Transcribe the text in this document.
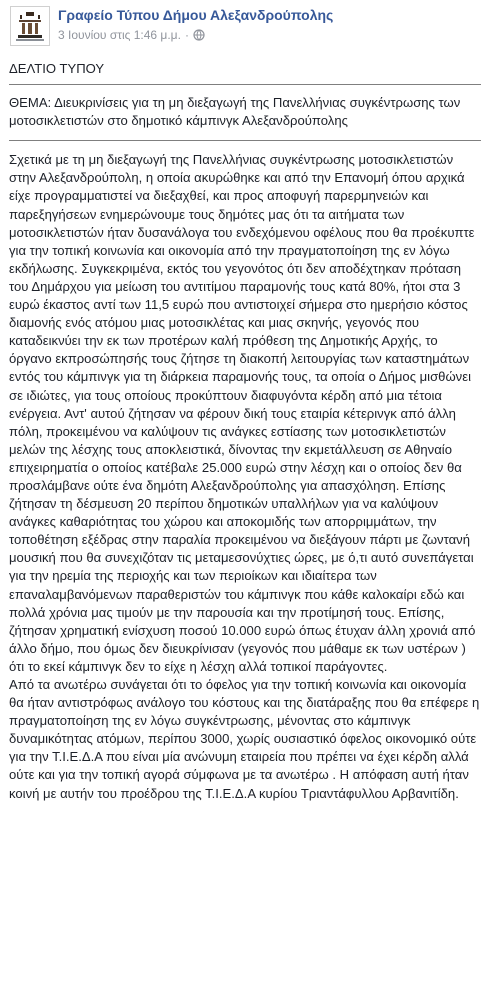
Γραφείο Τύπου Δήμου Αλεξανδρούπολης
3 Ιουνίου στις 1:46 μ.μ. ·

ΔΕΛΤΙΟ ΤΥΠΟΥ

ΘΕΜΑ: Διευκρινίσεις για τη μη διεξαγωγή της Πανελλήνιας συγκέντρωσης των μοτοσικλετιστών στο δημοτικό κάμπινγκ Αλεξανδρούπολης

Σχετικά με τη μη διεξαγωγή της Πανελλήνιας συγκέντρωσης μοτοσικλετιστών στην Αλεξανδρούπολη, η οποία ακυρώθηκε και από την Επανομή όπου αρχικά είχε προγραμματιστεί να διεξαχθεί, και προς αποφυγή παρερμηνειών και παρεξηγήσεων ενημερώνουμε τους δημότες μας ότι τα αιτήματα των μοτοσικλετιστών ήταν δυσανάλογα του ενδεχόμενου οφέλους που θα προέκυπτε για την τοπική κοινωνία και οικονομία από την πραγματοποίηση της εν λόγω εκδήλωσης. Συγκεκριμένα, εκτός του γεγονότος ότι δεν αποδέχτηκαν πρόταση του Δημάρχου για μείωση του αντιτίμου παραμονής τους κατά 80%, ήτοι στα 3 ευρώ έκαστος αντί των 11,5 ευρώ που αντιστοιχεί σήμερα στο ημερήσιο κόστος διαμονής ενός ατόμου μιας μοτοσικλέτας και μιας σκηνής, γεγονός που καταδεικνύει την εκ των προτέρων καλή πρόθεση της Δημοτικής Αρχής, το όργανο εκπροσώπησής τους ζήτησε τη διακοπή λειτουργίας των καταστημάτων εντός του κάμπινγκ για τη διάρκεια παραμονής τους, τα οποία ο Δήμος μισθώνει σε ιδιώτες, για τους οποίους προκύπτουν διαφυγόντα κέρδη από μια τέτοια ενέργεια. Αντ' αυτού ζήτησαν να φέρουν δική τους εταιρία κέτερινγκ από άλλη πόλη, προκειμένου να καλύψουν τις ανάγκες εστίασης των μοτοσικλετιστών μελών της λέσχης τους αποκλειστικά, δίνοντας την εκμετάλλευση σε Αθηναίο επιχειρηματία ο οποίος κατέβαλε 25.000 ευρώ στην λέσχη και ο οποίος δεν θα προσλάμβανε ούτε ένα δημότη Αλεξανδρούπολης για απασχόληση. Επίσης ζήτησαν τη δέσμευση 20 περίπου δημοτικών υπαλλήλων για να καλύψουν ανάγκες καθαριότητας του χώρου και αποκομιδής των απορριμμάτων, την τοποθέτηση εξέδρας στην παραλία προκειμένου να διεξάγουν πάρτι με ζωντανή μουσική που θα συνεχιζόταν τις μεταμεσονύχτιες ώρες, με ό,τι αυτό συνεπάγεται για την ηρεμία της περιοχής και των περιοίκων και ιδιαίτερα των επαναλαμβανόμενων παραθεριστών του κάμπινγκ που κάθε καλοκαίρι εδώ και πολλά χρόνια μας τιμούν με την παρουσία και την προτίμησή τους. Επίσης, ζήτησαν χρηματική ενίσχυση ποσού 10.000 ευρώ όπως έτυχαν άλλη χρονιά από άλλο δήμο, που όμως δεν διευκρίνισαν (γεγονός που μάθαμε εκ των υστέρων ) ότι το εκεί κάμπινγκ δεν το είχε η λέσχη αλλά τοπικοί παράγοντες.

Από τα ανωτέρω συνάγεται ότι το όφελος για την τοπική κοινωνία και οικονομία θα ήταν αντιστρόφως ανάλογο του κόστους και της διατάραξης που θα επέφερε η πραγματοποίηση της εν λόγω συγκέντρωσης, μένοντας στο κάμπινγκ δυναμικότητας ατόμων, περίπου 3000, χωρίς ουσιαστικό όφελος οικονομικό ούτε για την Τ.Ι.Ε.Δ.Α που είναι μία ανώνυμη εταιρεία που πρέπει να έχει κέρδη αλλά ούτε και για την τοπική αγορά σύμφωνα με τα ανωτέρω . Η απόφαση αυτή ήταν κοινή με αυτήν του προέδρου της Τ.Ι.Ε.Δ.Α κυρίου Τριαντάφυλλου Αρβανιτίδη.
